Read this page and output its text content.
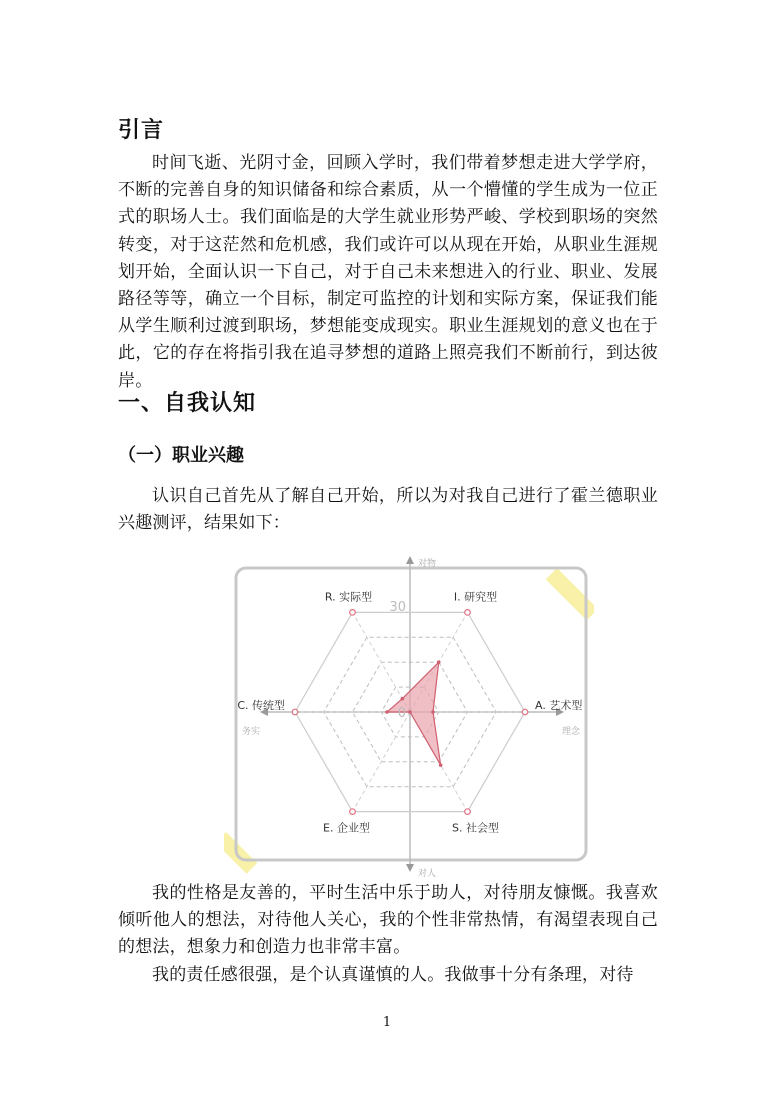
引言

时间飞逝、光阴寸金，回顾入学时，我们带着梦想走进大学学府，不断的完善自身的知识储备和综合素质，从一个懵懂的学生成为一位正式的职场人士。我们面临是的大学生就业形势严峻、学校到职场的突然转变，对于这茫然和危机感，我们或许可以从现在开始，从职业生涯规划开始，全面认识一下自己，对于自己未来想进入的行业、职业、发展路径等等，确立一个目标，制定可监控的计划和实际方案，保证我们能从学生顺利过渡到职场，梦想能变成现实。职业生涯规划的意义也在于此，它的存在将指引我在追寻梦想的道路上照亮我们不断前行，到达彼岸。

一、自我认知
（一）职业兴趣

认识自己首先从了解自己开始，所以为对我自己进行了霍兰德职业兴趣测评，结果如下：

I. 研究型
A. 艺术型
S. 社会型
E. 企业型
C. 传统型
R. 实际型
0
30
对物
对人
务实	理念

我的性格是友善的，平时生活中乐于助人，对待朋友慷慨。我喜欢倾听他人的想法，对待他人关心，我的个性非常热情，有渴望表现自己的想法，想象力和创造力也非常丰富。

我的责任感很强，是个认真谨慎的人。我做事十分有条理，对待

1
